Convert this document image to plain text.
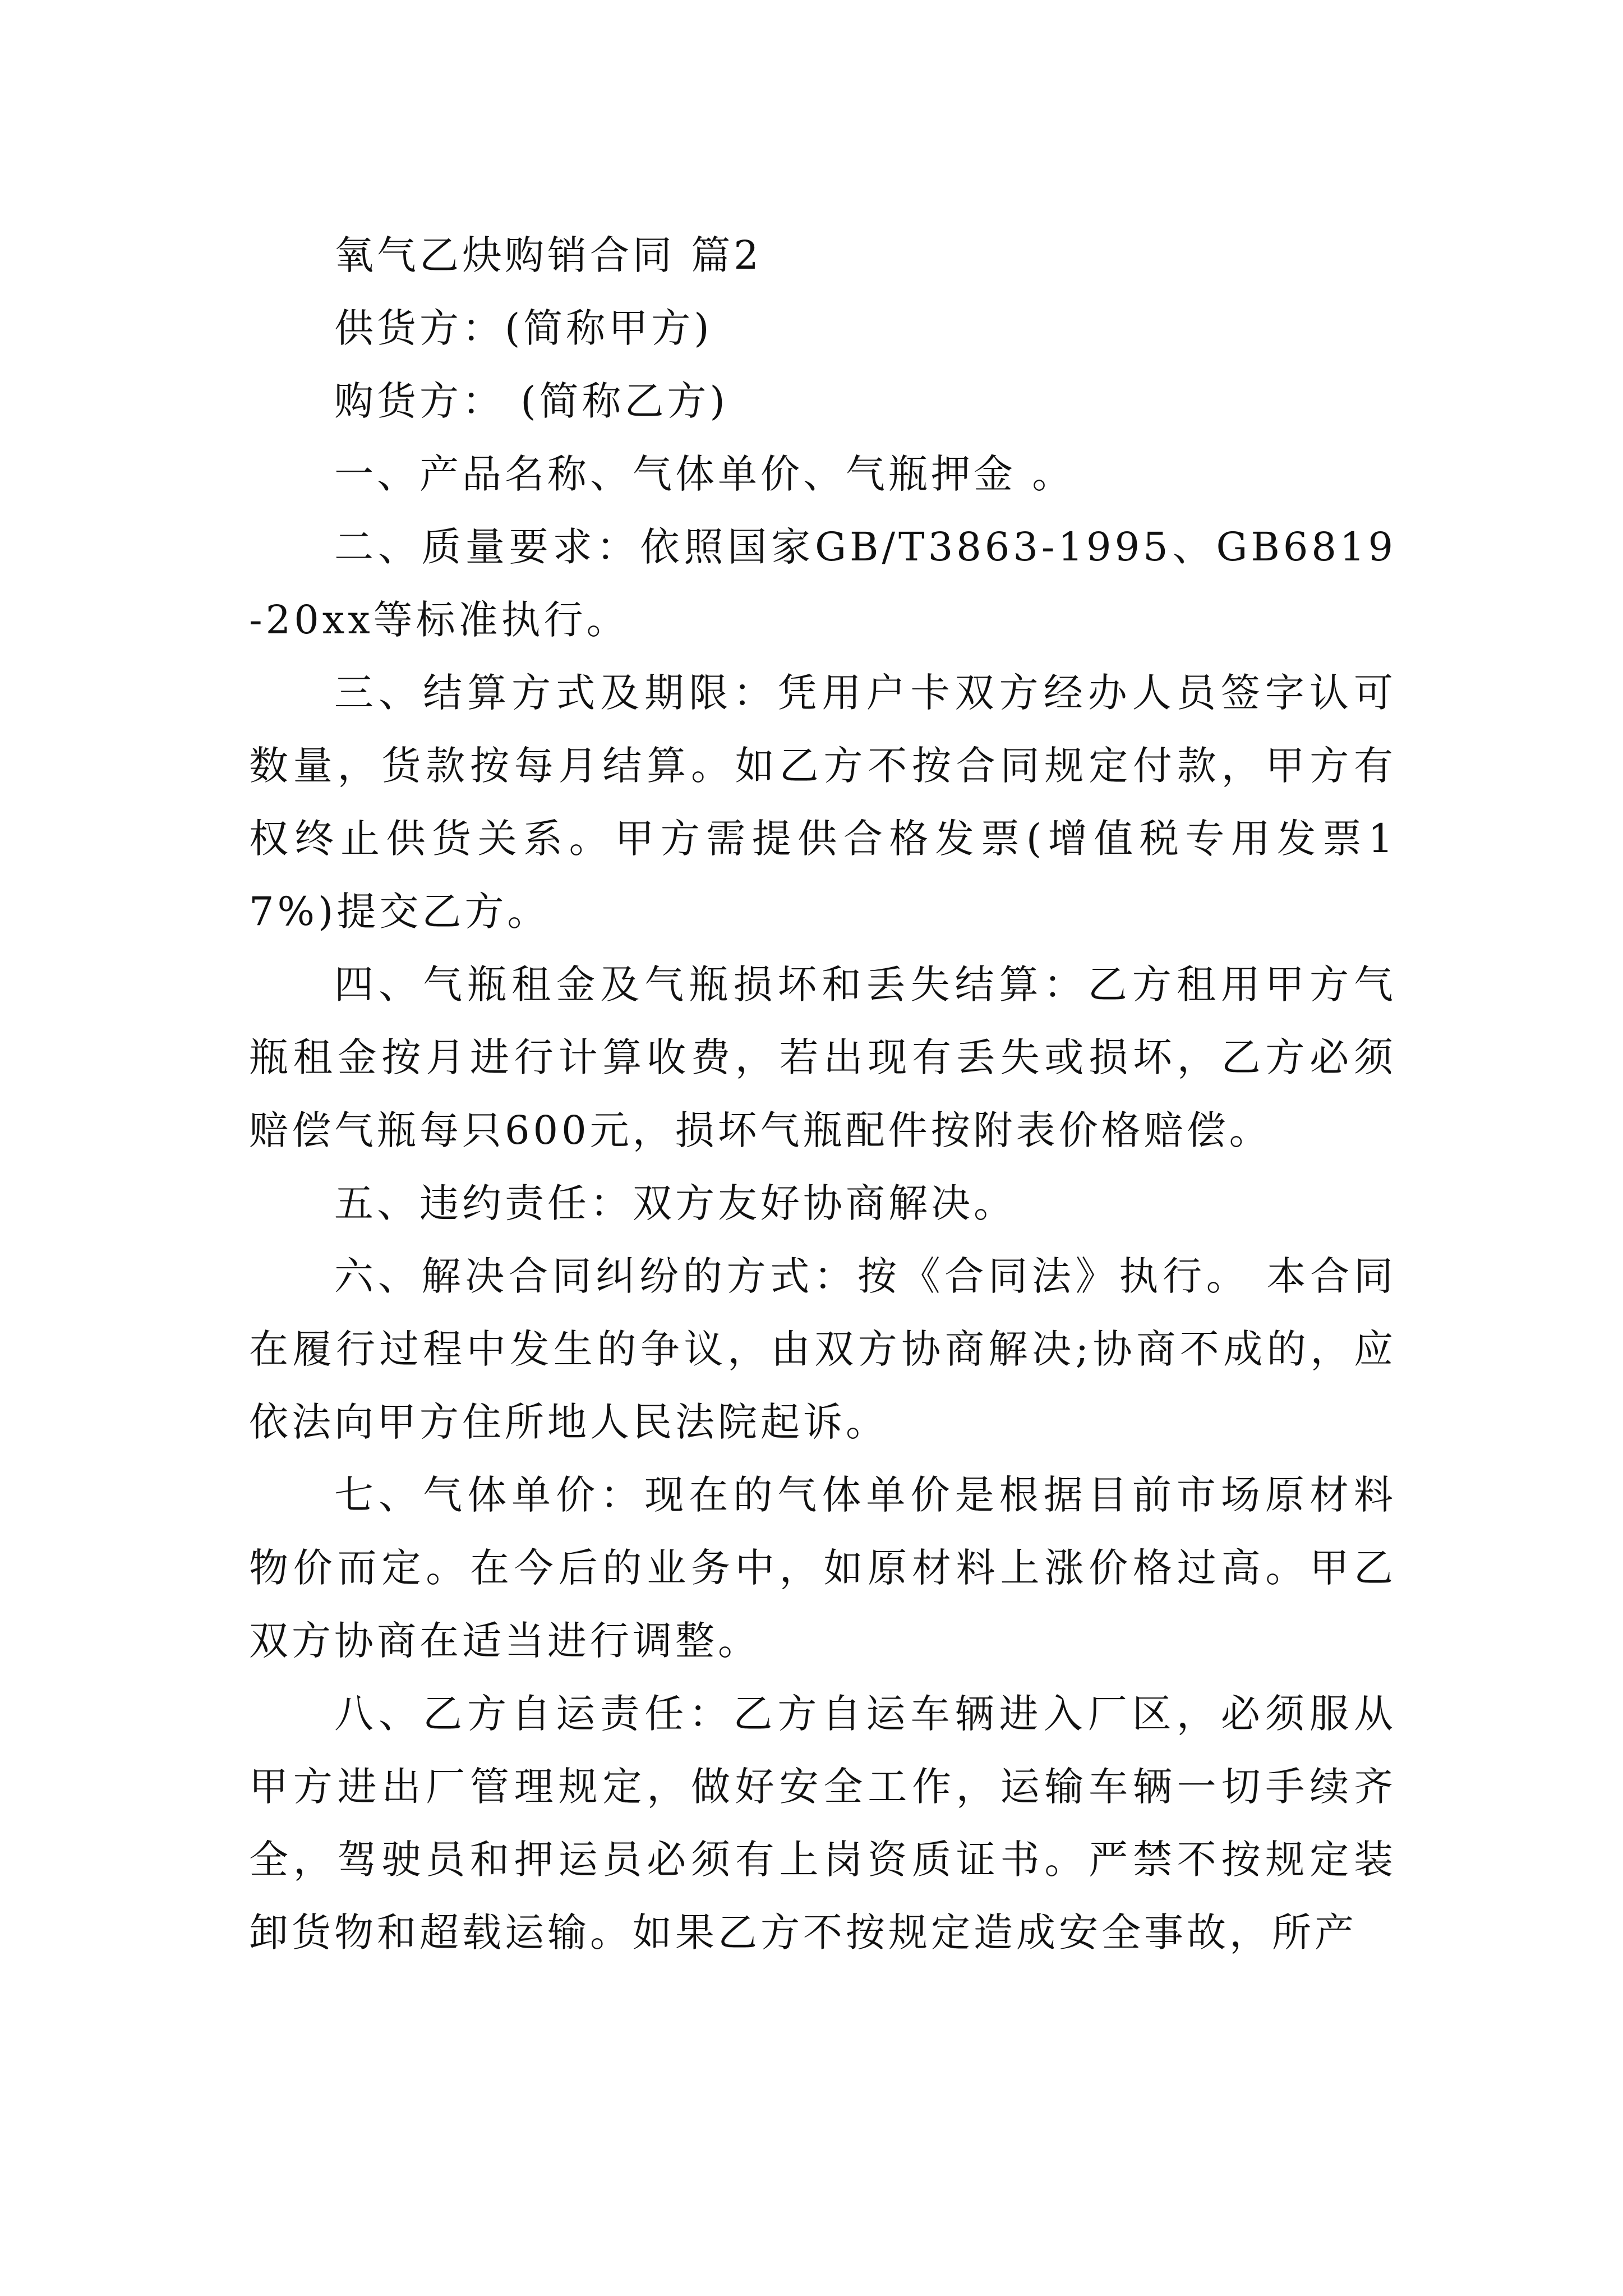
氧气乙炔购销合同 篇2

供货方：(简称甲方)

购货方： (简称乙方)

一、产品名称、气体单价、气瓶押金 。

二、质量要求：依照国家GB/T3863-1995、GB6819-20xx等标准执行。

三、结算方式及期限：凭用户卡双方经办人员签字认可数量，货款按每月结算。如乙方不按合同规定付款，甲方有权终止供货关系。甲方需提供合格发票(增值税专用发票17%)提交乙方。

四、气瓶租金及气瓶损坏和丢失结算：乙方租用甲方气瓶租金按月进行计算收费，若出现有丢失或损坏，乙方必须赔偿气瓶每只600元，损坏气瓶配件按附表价格赔偿。

五、违约责任：双方友好协商解决。

六、解决合同纠纷的方式：按《合同法》执行。 本合同在履行过程中发生的争议，由双方协商解决;协商不成的，应依法向甲方住所地人民法院起诉。

七、气体单价：现在的气体单价是根据目前市场原材料物价而定。在今后的业务中，如原材料上涨价格过高。甲乙双方协商在适当进行调整。

八、乙方自运责任：乙方自运车辆进入厂区，必须服从甲方进出厂管理规定，做好安全工作，运输车辆一切手续齐全，驾驶员和押运员必须有上岗资质证书。严禁不按规定装卸货物和超载运输。如果乙方不按规定造成安全事故，所产
